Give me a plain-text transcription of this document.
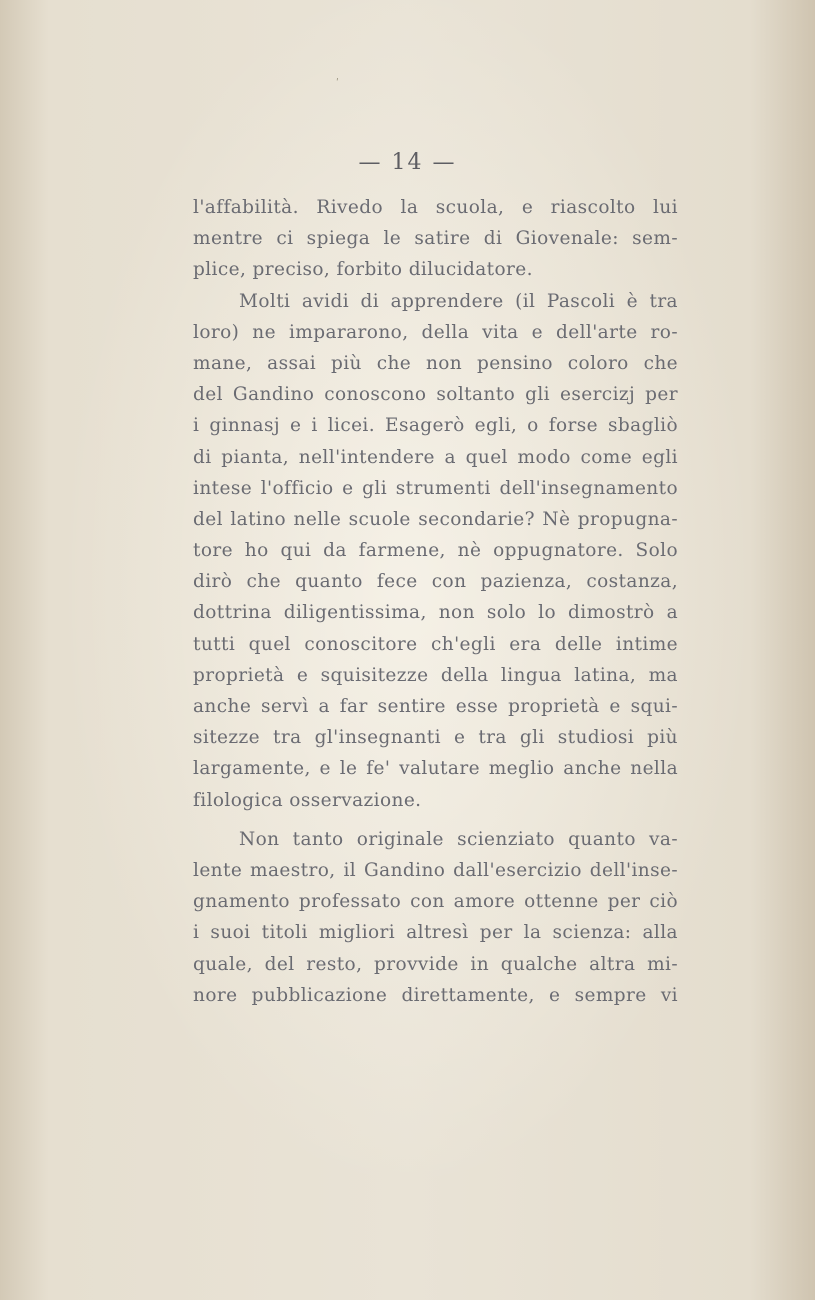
ʹ
— 14 —
l'affabilità. Rivedo la scuola, e riascolto lui
mentre ci spiega le satire di Giovenale: sem-
plice, preciso, forbito dilucidatore.
Molti avidi di apprendere (il Pascoli è tra
loro) ne impararono, della vita e dell'arte ro-
mane, assai più che non pensino coloro che
del Gandino conoscono soltanto gli esercizj per
i ginnasj e i licei. Esagerò egli, o forse sbagliò
di pianta, nell'intendere a quel modo come egli
intese l'officio e gli strumenti dell'insegnamento
del latino nelle scuole secondarie? Nè propugna-
tore ho qui da farmene, nè oppugnatore. Solo
dirò che quanto fece con pazienza, costanza,
dottrina diligentissima, non solo lo dimostrò a
tutti quel conoscitore ch'egli era delle intime
proprietà e squisitezze della lingua latina, ma
anche servì a far sentire esse proprietà e squi-
sitezze tra gl'insegnanti e tra gli studiosi più
largamente, e le fe' valutare meglio anche nella
filologica osservazione.
Non tanto originale scienziato quanto va-
lente maestro, il Gandino dall'esercizio dell'inse-
gnamento professato con amore ottenne per ciò
i suoi titoli migliori altresì per la scienza: alla
quale, del resto, provvide in qualche altra mi-
nore pubblicazione direttamente, e sempre vi
